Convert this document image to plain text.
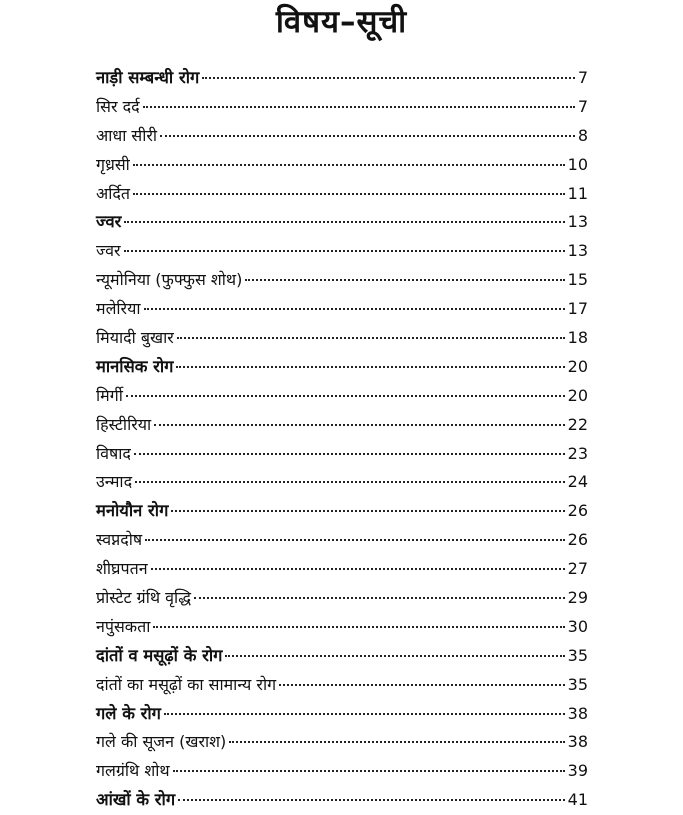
विषय–सूची
नाड़ी सम्बन्धी रोग	7
सिर दर्द	7
आधा सीरी	8
गृध्रसी	10
अर्दित	11
ज्वर	13
ज्वर	13
न्यूमोनिया (फुफ्फुस शोथ)	15
मलेरिया	17
मियादी बुखार	18
मानसिक रोग	20
मिर्गी	20
हिस्टीरिया	22
विषाद	23
उन्माद	24
मनोयौन रोग	26
स्वप्नदोष	26
शीघ्रपतन	27
प्रोस्टेट ग्रंथि वृद्धि	29
नपुंसकता	30
दांतों व मसूढ़ों के रोग	35
दांतों का मसूढ़ों का सामान्य रोग	35
गले के रोग	38
गले की सूजन (खराश)	38
गलग्रंथि शोथ	39
आंखों के रोग	41
